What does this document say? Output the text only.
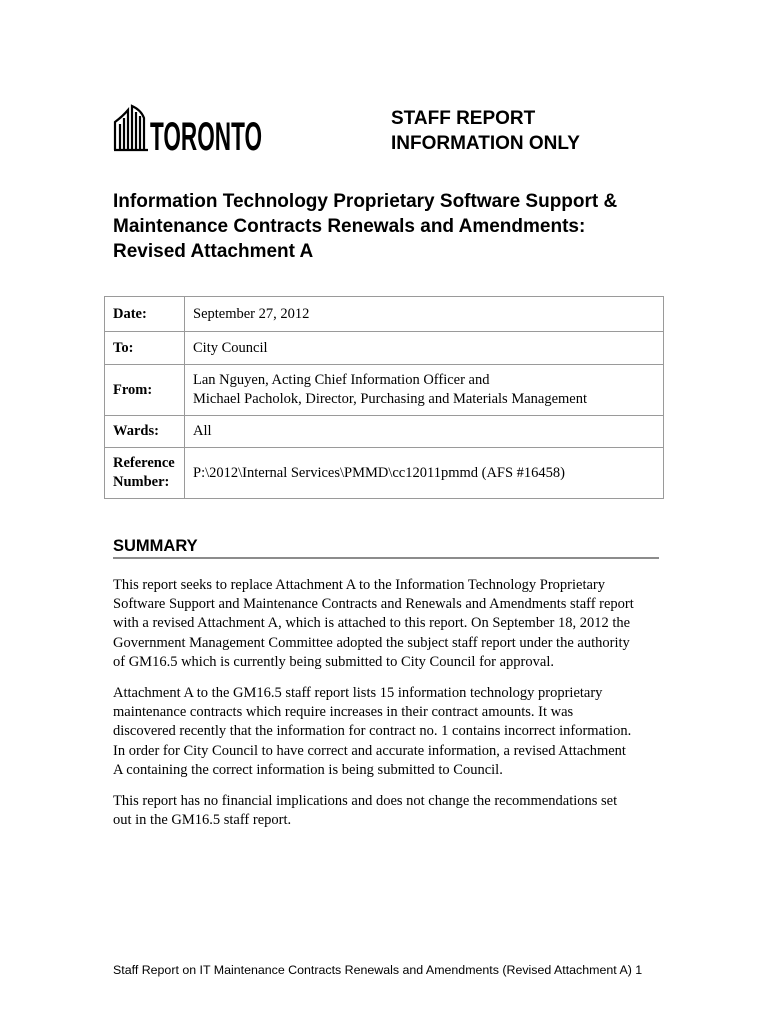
TORONTO	STAFF REPORT
INFORMATION ONLY
Information Technology Proprietary Software Support &
Maintenance Contracts Renewals and Amendments:
Revised Attachment A
Date:	September 27, 2012
To:	City Council
From:	Lan Nguyen, Acting Chief Information Officer and
Michael Pacholok, Director, Purchasing and Materials Management

Wards:	All

Reference
Number:	P:\2012\Internal Services\PMMD\cc12011pmmd (AFS #16458)
SUMMARY
This report seeks to replace Attachment A to the Information Technology Proprietary
Software Support and Maintenance Contracts and Renewals and Amendments staff report
with a revised Attachment A, which is attached to this report. On September 18, 2012 the
Government Management Committee adopted the subject staff report under the authority
of GM16.5 which is currently being submitted to City Council for approval.
Attachment A to the GM16.5 staff report lists 15 information technology proprietary
maintenance contracts which require increases in their contract amounts. It was
discovered recently that the information for contract no. 1 contains incorrect information.
In order for City Council to have correct and accurate information, a revised Attachment
A containing the correct information is being submitted to Council.
This report has no financial implications and does not change the recommendations set
out in the GM16.5 staff report.
Staff Report on IT Maintenance Contracts Renewals and Amendments (Revised Attachment A) 1
